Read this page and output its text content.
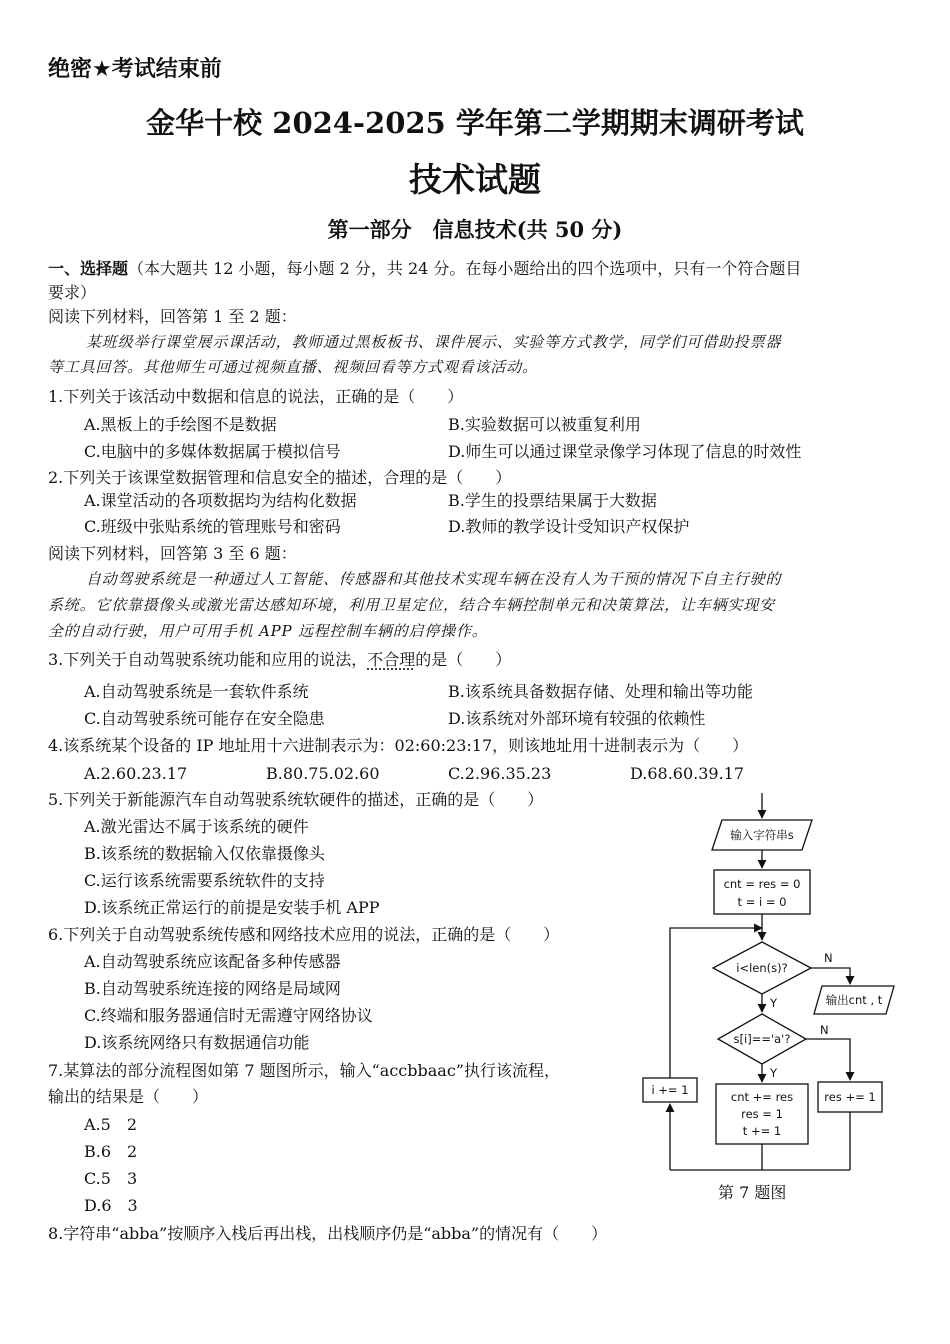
绝密★考试结束前
金华十校 2024-2025 学年第二学期期末调研考试
技术试题
第一部分　信息技术(共 50 分)
一、选择题（本大题共 12 小题，每小题 2 分，共 24 分。在每小题给出的四个选项中，只有一个符合题目
要求）
阅读下列材料，回答第 1 至 2 题：
某班级举行课堂展示课活动，教师通过黑板板书、课件展示、实验等方式教学，同学们可借助投票器
等工具回答。其他师生可通过视频直播、视频回看等方式观看该活动。
1.下列关于该活动中数据和信息的说法，正确的是（　　）
A.黑板上的手绘图不是数据	B.实验数据可以被重复利用
C.电脑中的多媒体数据属于模拟信号	D.师生可以通过课堂录像学习体现了信息的时效性
2.下列关于该课堂数据管理和信息安全的描述，合理的是（　　）
A.课堂活动的各项数据均为结构化数据	B.学生的投票结果属于大数据
C.班级中张贴系统的管理账号和密码	D.教师的教学设计受知识产权保护
阅读下列材料，回答第 3 至 6 题：
自动驾驶系统是一种通过人工智能、传感器和其他技术实现车辆在没有人为干预的情况下自主行驶的
系统。它依靠摄像头或激光雷达感知环境，利用卫星定位，结合车辆控制单元和决策算法，让车辆实现安
全的自动行驶，用户可用手机 APP 远程控制车辆的启停操作。
3.下列关于自动驾驶系统功能和应用的说法，不合理的是（　　）
A.自动驾驶系统是一套软件系统	B.该系统具备数据存储、处理和输出等功能
C.自动驾驶系统可能存在安全隐患	D.该系统对外部环境有较强的依赖性
4.该系统某个设备的 IP 地址用十六进制表示为：02:60:23:17，则该地址用十进制表示为（　　）
A.2.60.23.17	B.80.75.02.60	C.2.96.35.23	D.68.60.39.17
5.下列关于新能源汽车自动驾驶系统软硬件的描述，正确的是（　　）
A.激光雷达不属于该系统的硬件
B.该系统的数据输入仅依靠摄像头
C.运行该系统需要系统软件的支持
D.该系统正常运行的前提是安装手机 APP
6.下列关于自动驾驶系统传感和网络技术应用的说法，正确的是（　　）
A.自动驾驶系统应该配备多种传感器
B.自动驾驶系统连接的网络是局域网
C.终端和服务器通信时无需遵守网络协议
D.该系统网络只有数据通信功能
7.某算法的部分流程图如第 7 题图所示，输入“accbbaac”执行该流程，
输出的结果是（　　）
A.5　2
B.6　2
C.5　3
D.6　3
8.字符串“abba”按顺序入栈后再出栈，出栈顺序仍是“abba”的情况有（　　）
输入字符串s
cnt = res = 0
t = i = 0
i<len(s)?
N
输出cnt , t
Y
s[i]=='a'?
N
Y
res += 1
cnt += res
res = 1
t += 1
i += 1
第 7 题图
